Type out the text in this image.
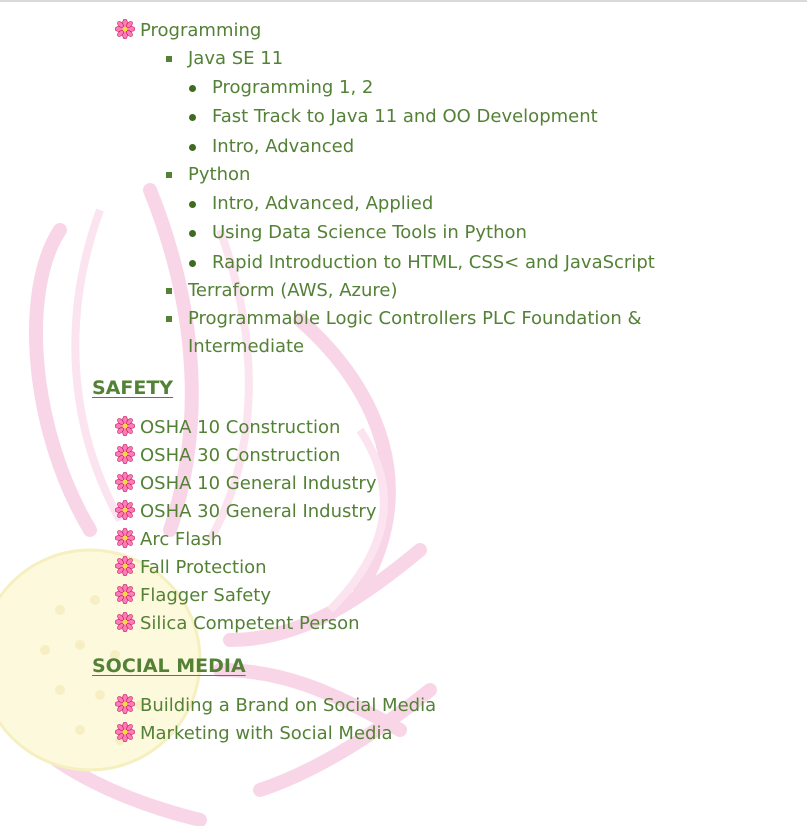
Programming
Java SE 11
Programming 1, 2
Fast Track to Java 11 and OO Development
Intro, Advanced
Python
Intro, Advanced, Applied
Using Data Science Tools in Python
Rapid Introduction to HTML, CSS< and JavaScript
Terraform (AWS, Azure)
Programmable Logic Controllers PLC Foundation &
Intermediate
SAFETY
OSHA 10 Construction
OSHA 30 Construction
OSHA 10 General Industry
OSHA 30 General Industry
Arc Flash
Fall Protection
Flagger Safety
Silica Competent Person
SOCIAL MEDIA
Building a Brand on Social Media
Marketing with Social Media
